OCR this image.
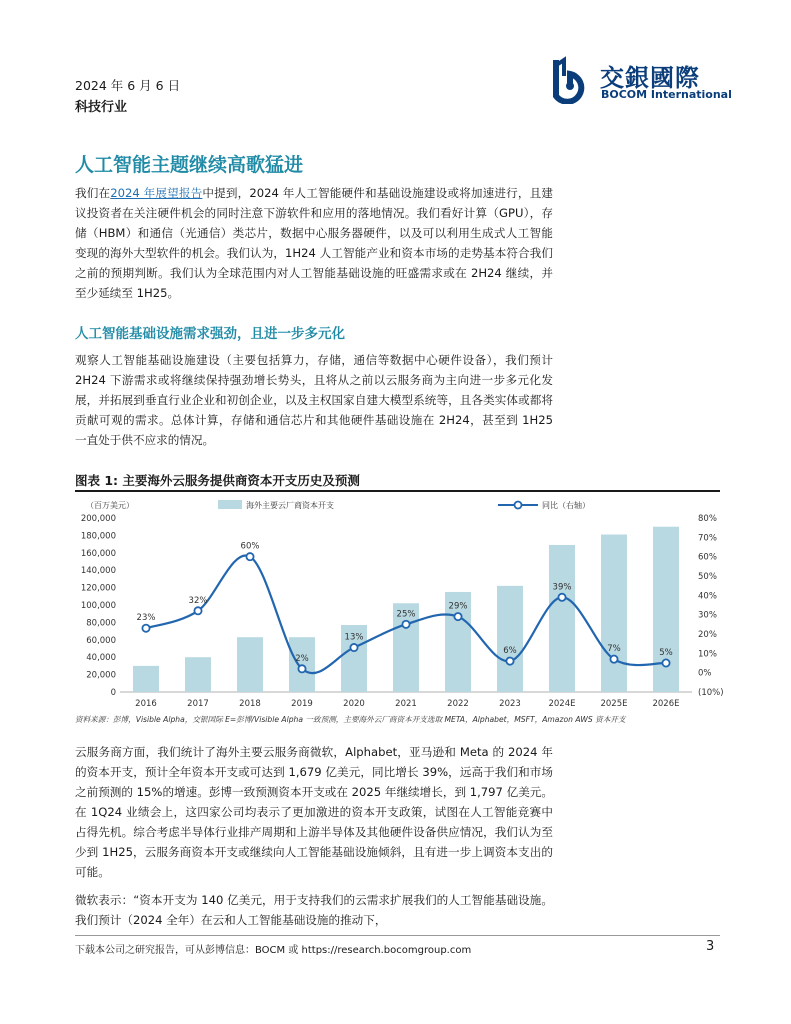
2024 年 6 月 6 日
科技行业
交銀國際
BOCOM International
人工智能主题继续高歌猛进
我们在2024 年展望报告中提到，2024 年人工智能硬件和基础设施建设或将加速进行，且建议投资者在关注硬件机会的同时注意下游软件和应用的落地情况。我们看好计算（GPU），存储（HBM）和通信（光通信）类芯片，数据中心服务器硬件，以及可以利用生成式人工智能变现的海外大型软件的机会。我们认为，1H24 人工智能产业和资本市场的走势基本符合我们之前的预期判断。我们认为全球范围内对人工智能基础设施的旺盛需求或在 2H24 继续，并至少延续至 1H25。
人工智能基础设施需求强劲，且进一步多元化
观察人工智能基础设施建设（主要包括算力，存储，通信等数据中心硬件设备），我们预计 2H24 下游需求或将继续保持强劲增长势头，且将从之前以云服务商为主向进一步多元化发展，并拓展到垂直行业企业和初创企业，以及主权国家自建大模型系统等，且各类实体或都将贡献可观的需求。总体计算，存储和通信芯片和其他硬件基础设施在 2H24，甚至到 1H25 一直处于供不应求的情况。
图表 1: 主要海外云服务提供商资本开支历史及预测
海外主要云厂商资本开支	同比（右轴）
（百万美元）
0
20,000
40,000
60,000
80,000
100,000
120,000
140,000
160,000
180,000
200,000
(10%)
0%
10%
20%
30%
40%
50%
60%
70%
80%
2016	2017	2018	2019	2020	2021	2022	2023	2024E	2025E	2026E
23%
32%
60%
2%
13%
25%
29%
6%
39%
7%	5%
资料来源：彭博，Visible Alpha，交银国际 E=彭博/Visible Alpha 一致预测，主要海外云厂商资本开支选取 META，Alphabet，MSFT，Amazon AWS 资本开支
云服务商方面，我们统计了海外主要云服务商微软，Alphabet，亚马逊和 Meta 的 2024 年的资本开支，预计全年资本开支或可达到 1,679 亿美元，同比增长 39%，远高于我们和市场之前预测的 15%的增速。彭博一致预测资本开支或在 2025 年继续增长，到 1,797 亿美元。在 1Q24 业绩会上，这四家公司均表示了更加激进的资本开支政策，试图在人工智能竞赛中占得先机。综合考虑半导体行业排产周期和上游半导体及其他硬件设备供应情况，我们认为至少到 1H25，云服务商资本开支或继续向人工智能基础设施倾斜，且有进一步上调资本支出的可能。
微软表示：“资本开支为 140 亿美元，用于支持我们的云需求扩展我们的人工智能基础设施。我们预计（2024 全年）在云和人工智能基础设施的推动下，
下载本公司之研究报告，可从彭博信息：BOCM 或 https://research.bocomgroup.com	3
